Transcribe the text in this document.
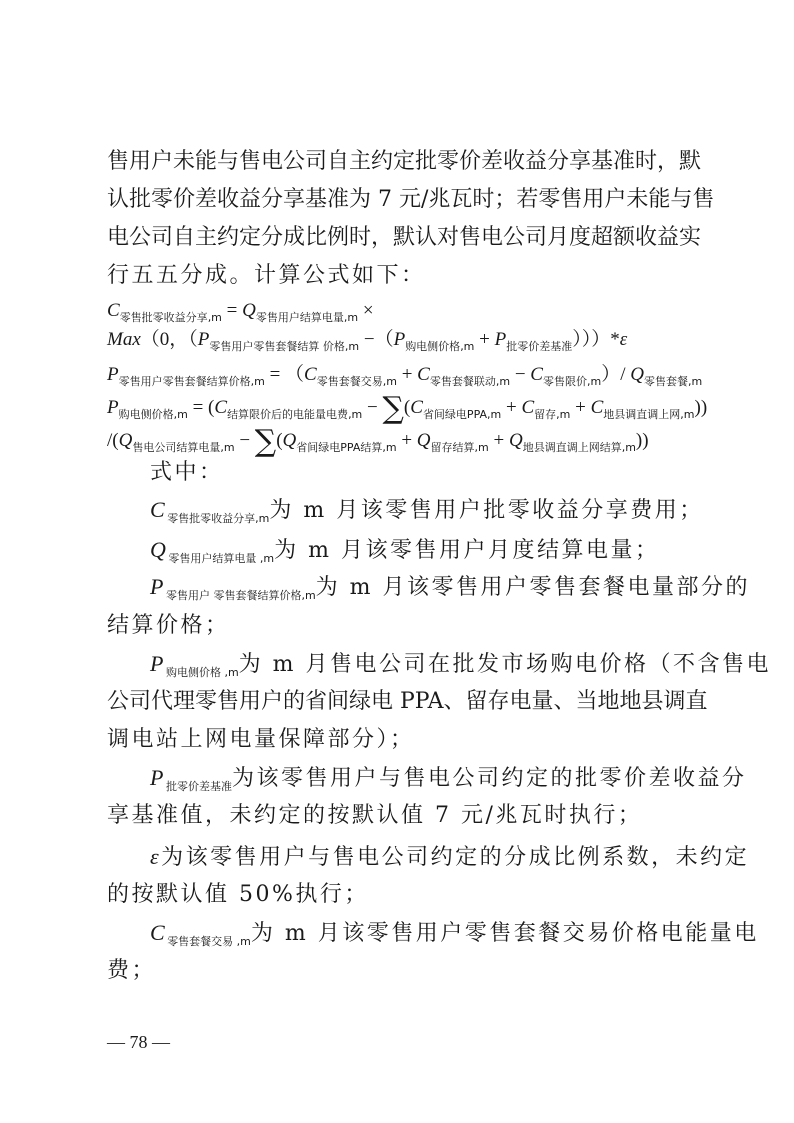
售用户未能与售电公司自主约定批零价差收益分享基准时，默
认批零价差收益分享基准为 7 元/兆瓦时；若零售用户未能与售
电公司自主约定分成比例时，默认对售电公司月度超额收益实
行五五分成。计算公式如下：
$C_{零售批零收益分享,m} = Q_{零售用户结算电量,m}$ ×
Max（0，$(P_{零售用户零售套餐结算 价格,m} -(P_{购电侧价格,m} + P_{批零价差基准})))*\varepsilon$
$P_{零售用户零售套餐结算价格,m} = (C_{零售套餐交易,m} + C_{零售套餐联动,m} - C_{零售限价,m})/$ $Q_{零售套餐,m}$
$P_{购电侧价格,m} = (C_{结算限价后的电能量电费,m} - \sum(C_{省间绿电PPA,m} + C_{留存,m} + C_{地县调直调上网,m}))$
$/(Q_{售电公司结算电量,m} - \sum(Q_{省间绿电PPA结算,m} + Q_{留存结算,m} + Q_{地县调直调上网结算,m}))$
式中：
$C_{零售批零收益分享,m}$为 m 月该零售用户批零收益分享费用；
$Q_{零售用户结算电量 ,m}$为 m 月该零售用户月度结算电量；
$P_{零售用户 零售套餐结算价格,m}$为 m 月该零售用户零售套餐电量部分的
结算价格；
$P_{购电侧价格 ,m}$为 m 月售电公司在批发市场购电价格（不含售电
公司代理零售用户的省间绿电 PPA、留存电量、当地地县调直
调电站上网电量保障部分）；
$P_{批零价差基准}$为该零售用户与售电公司约定的批零价差收益分
享基准值，未约定的按默认值 7 元/兆瓦时执行；
ε为该零售用户与售电公司约定的分成比例系数，未约定
的按默认值 50%执行；
$C_{零售套餐交易 ,m}$为 m 月该零售用户零售套餐交易价格电能量电
费；
— 78 —
